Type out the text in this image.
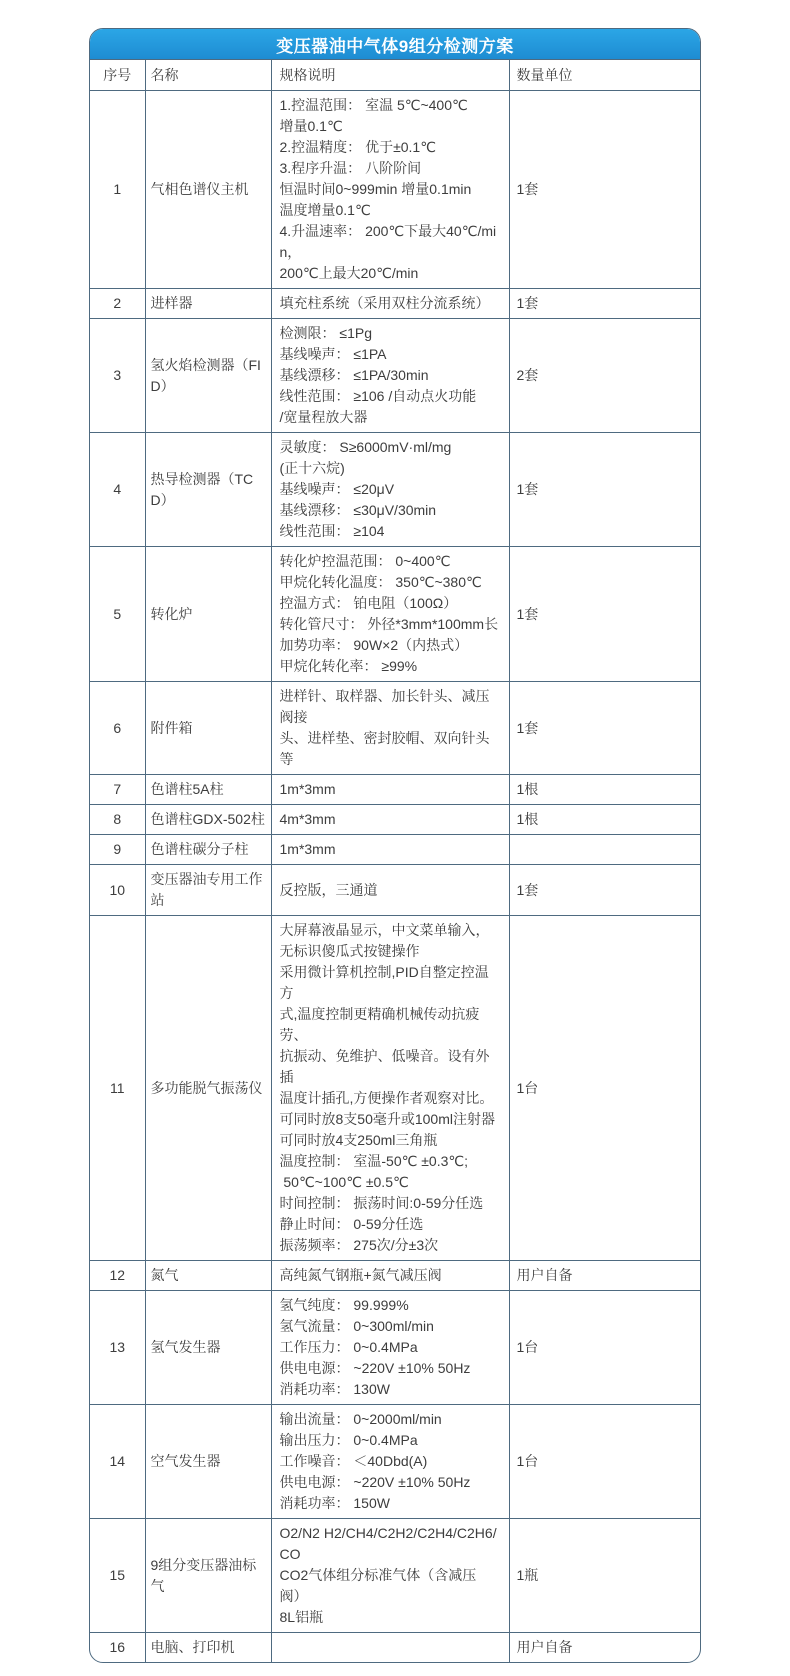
变压器油中气体9组分检测方案
序号	名称	规格说明	数量单位
1	气相色谱仪主机	1.控温范围： 室温 5℃~400℃
增量0.1℃
2.控温精度： 优于±0.1℃
3.程序升温： 八阶阶间
恒温时间0~999min 增量0.1min
温度增量0.1℃
4.升温速率： 200℃下最大40℃/min，
200℃上最大20℃/min	1套
2	进样器	填充柱系统（采用双柱分流系统）	1套
3	氢火焰检测器（FID）	检测限： ≤1Pg
基线噪声： ≤1PA
基线漂移： ≤1PA/30min
线性范围： ≥106 /自动点火功能
/宽量程放大器	2套
4	热导检测器（TCD）	灵敏度： S≥6000mV·ml/mg
(正十六烷)
基线噪声： ≤20μV
基线漂移： ≤30μV/30min
线性范围： ≥104	1套
5	转化炉	转化炉控温范围： 0~400℃
甲烷化转化温度： 350℃~380℃
控温方式： 铂电阻（100Ω）
转化管尺寸： 外径*3mm*100mm长
加势功率： 90W×2（内热式）
甲烷化转化率： ≥99%	1套
6	附件箱	进样针、取样器、加长针头、减压阀接
头、进样垫、密封胶帽、双向针头等	1套
7	色谱柱5A柱	1m*3mm	1根
8	色谱柱GDX-502柱	4m*3mm	1根
9	色谱柱碳分子柱	1m*3mm	
10	变压器油专用工作站	反控版，三通道	1套
11	多功能脱气振荡仪	大屏幕液晶显示，中文菜单输入，
无标识傻瓜式按键操作
采用微计算机控制,PID自整定控温方
式,温度控制更精确机械传动抗疲劳、
抗振动、免维护、低噪音。设有外插
温度计插孔,方便操作者观察对比。
可同时放8支50毫升或100ml注射器
可同时放4支250ml三角瓶
温度控制： 室温-50℃ ±0.3℃;
50℃~100℃ ±0.5℃
时间控制： 振荡时间:0-59分任选
静止时间： 0-59分任选
振荡频率： 275次/分±3次	1台
12	氮气	高纯氮气钢瓶+氮气减压阀	用户自备
13	氢气发生器	氢气纯度： 99.999%
氢气流量： 0~300ml/min
工作压力： 0~0.4MPa
供电电源： ~220V ±10% 50Hz
消耗功率： 130W	1台
14	空气发生器	输出流量： 0~2000ml/min
输出压力： 0~0.4MPa
工作噪音： ＜40Dbd(A)
供电电源： ~220V ±10% 50Hz
消耗功率： 150W	1台
15	9组分变压器油标气	O2/N2 H2/CH4/C2H2/C2H4/C2H6/CO
CO2气体组分标准气体（含减压阀）
8L铝瓶	1瓶
16	电脑、打印机		用户自备
